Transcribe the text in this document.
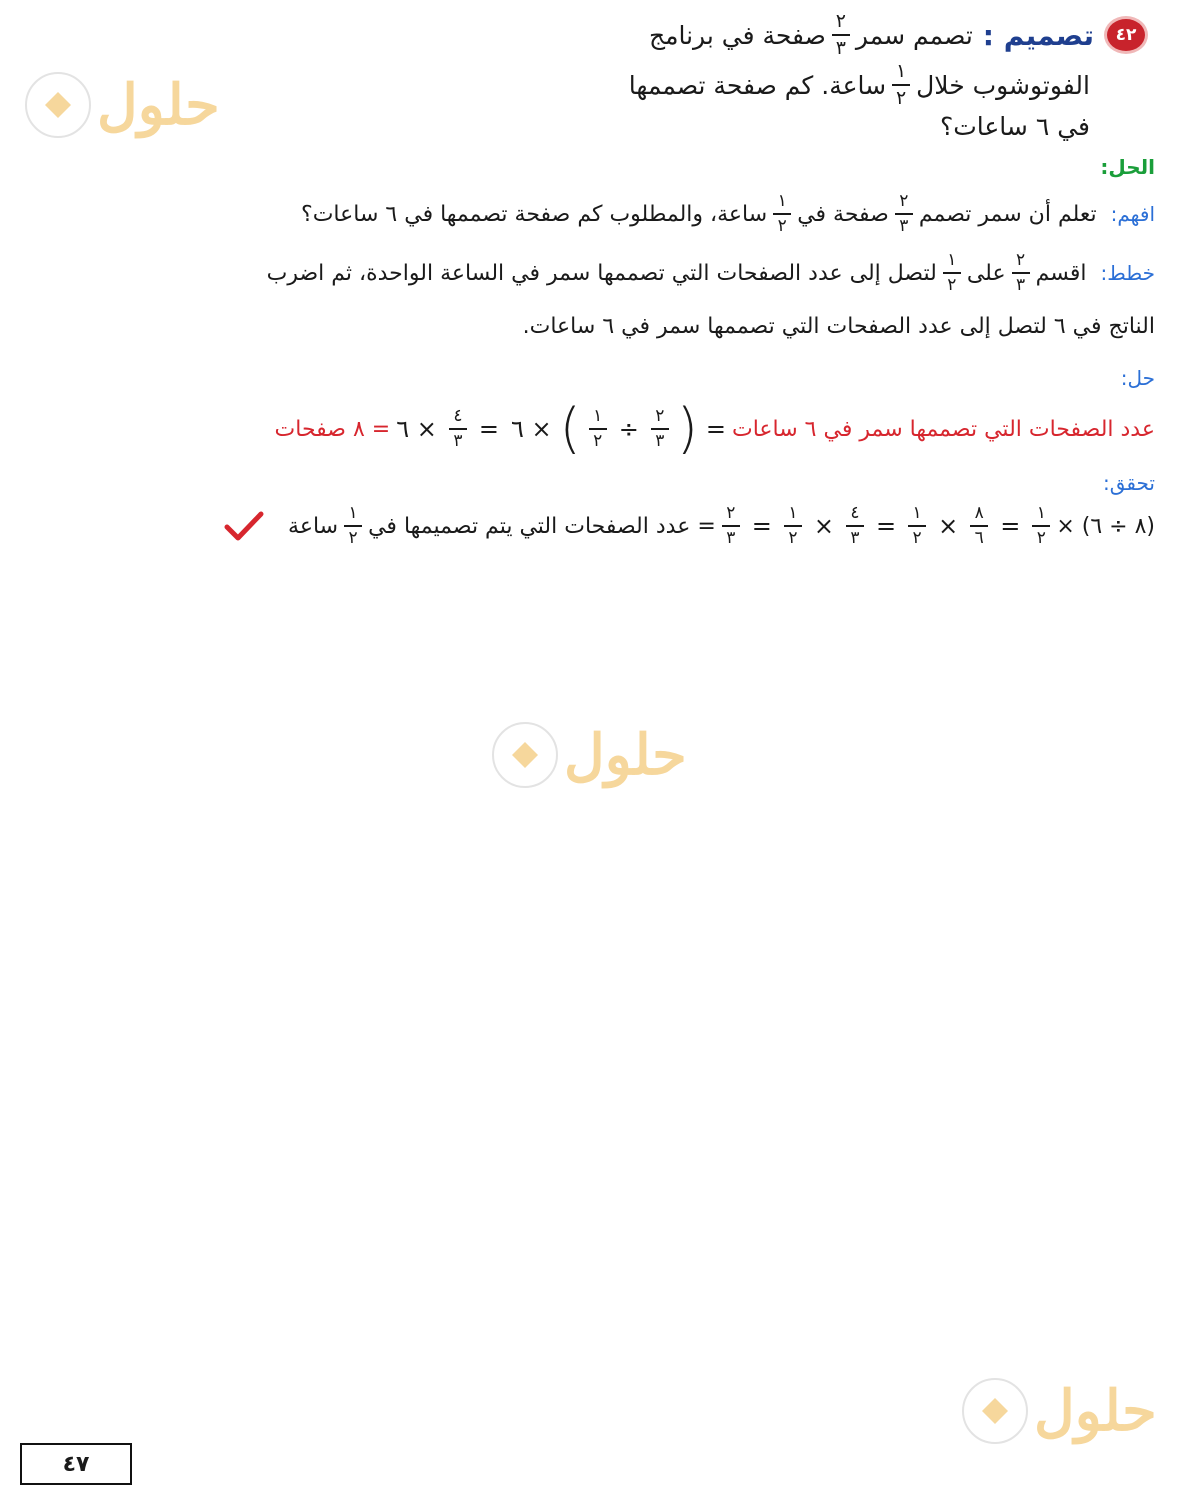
حلول
حلول
حلول
٤٢
تصميم :
تصمم سمر
$\frac{٢}{٣}$
صفحة في برنامج
الفوتوشوب خلال
$\frac{١}{٢}$
ساعة. كم صفحة تصممها
في ٦ ساعات؟
الحل:
افهم:
تعلم أن سمر تصمم
$\frac{٢}{٣}$
صفحة في
$\frac{١}{٢}$
ساعة، والمطلوب كم صفحة تصممها في ٦ ساعات؟
خطط:
اقسم
$\frac{٢}{٣}$
على
$\frac{١}{٢}$
لتصل إلى عدد الصفحات التي تصممها سمر في الساعة الواحدة، ثم اضرب
الناتج في ٦ لتصل إلى عدد الصفحات التي تصممها سمر في ٦ ساعات.
حل:
عدد الصفحات التي تصممها سمر في ٦ ساعات
=
(
$\frac{٢}{٣}$
÷
$\frac{١}{٢}$
)
× ٦
=
$\frac{٤}{٣}$
× ٦
= ٨ صفحات
تحقق:
(٨ ÷ ٦) ×
$\frac{١}{٢}$
=
$\frac{٨}{٦}$
×
$\frac{١}{٢}$
=
$\frac{٤}{٣}$
×
$\frac{١}{٢}$
=
$\frac{٢}{٣}$
= عدد الصفحات التي يتم تصميمها في
$\frac{١}{٢}$
ساعة
٤٧
